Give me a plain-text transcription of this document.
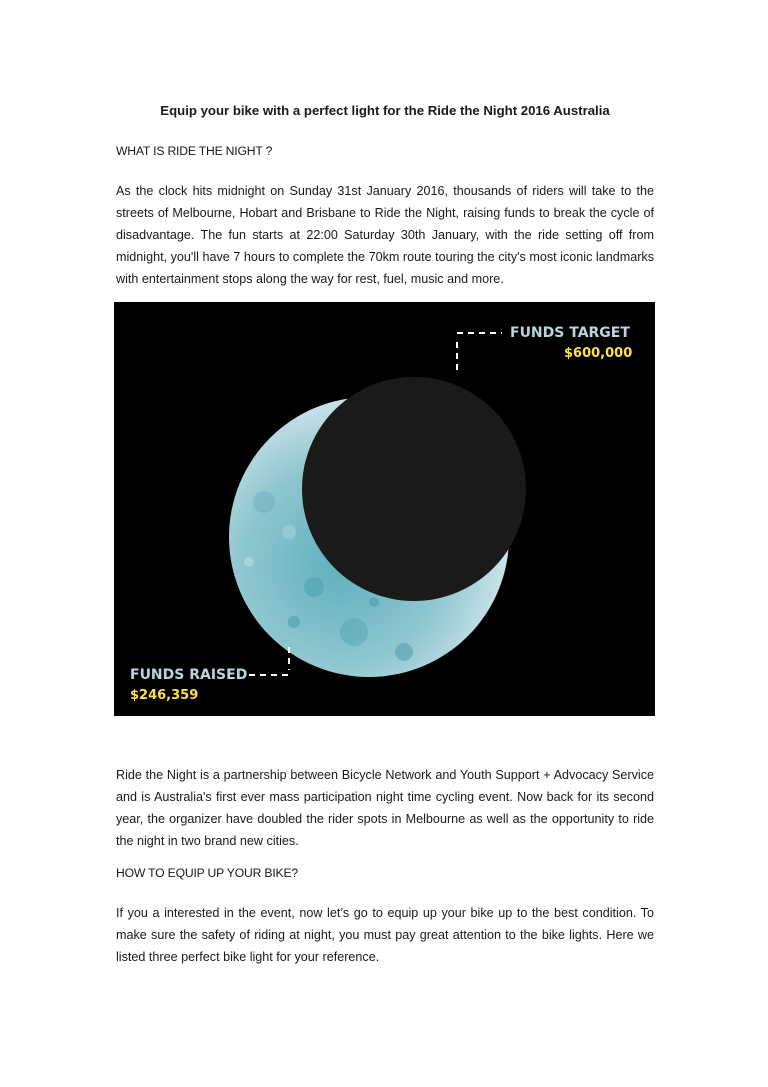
Equip your bike with a perfect light for the Ride the Night 2016 Australia

WHAT IS RIDE THE NIGHT ?

As the clock hits midnight on Sunday 31st January 2016, thousands of riders will take to the streets of Melbourne, Hobart and Brisbane to Ride the Night, raising funds to break the cycle of disadvantage. The fun starts at 22:00 Saturday 30th January, with the ride setting off from midnight, you'll have 7 hours to complete the 70km route touring the city's most iconic landmarks with entertainment stops along the way for rest, fuel, music and more.

FUNDS TARGET
$600,000
FUNDS RAISED
$246,359

Ride the Night is a partnership between Bicycle Network and Youth Support + Advocacy Service and is Australia's first ever mass participation night time cycling event. Now back for its second year, the organizer have doubled the rider spots in Melbourne as well as the opportunity to ride the night in two brand new cities.

HOW TO EQUIP UP YOUR BIKE?

If you a interested in the event, now let’s go to equip up your bike up to the best condition. To make sure the safety of riding at night, you must pay great attention to the bike lights. Here we listed three perfect bike light for your reference.
